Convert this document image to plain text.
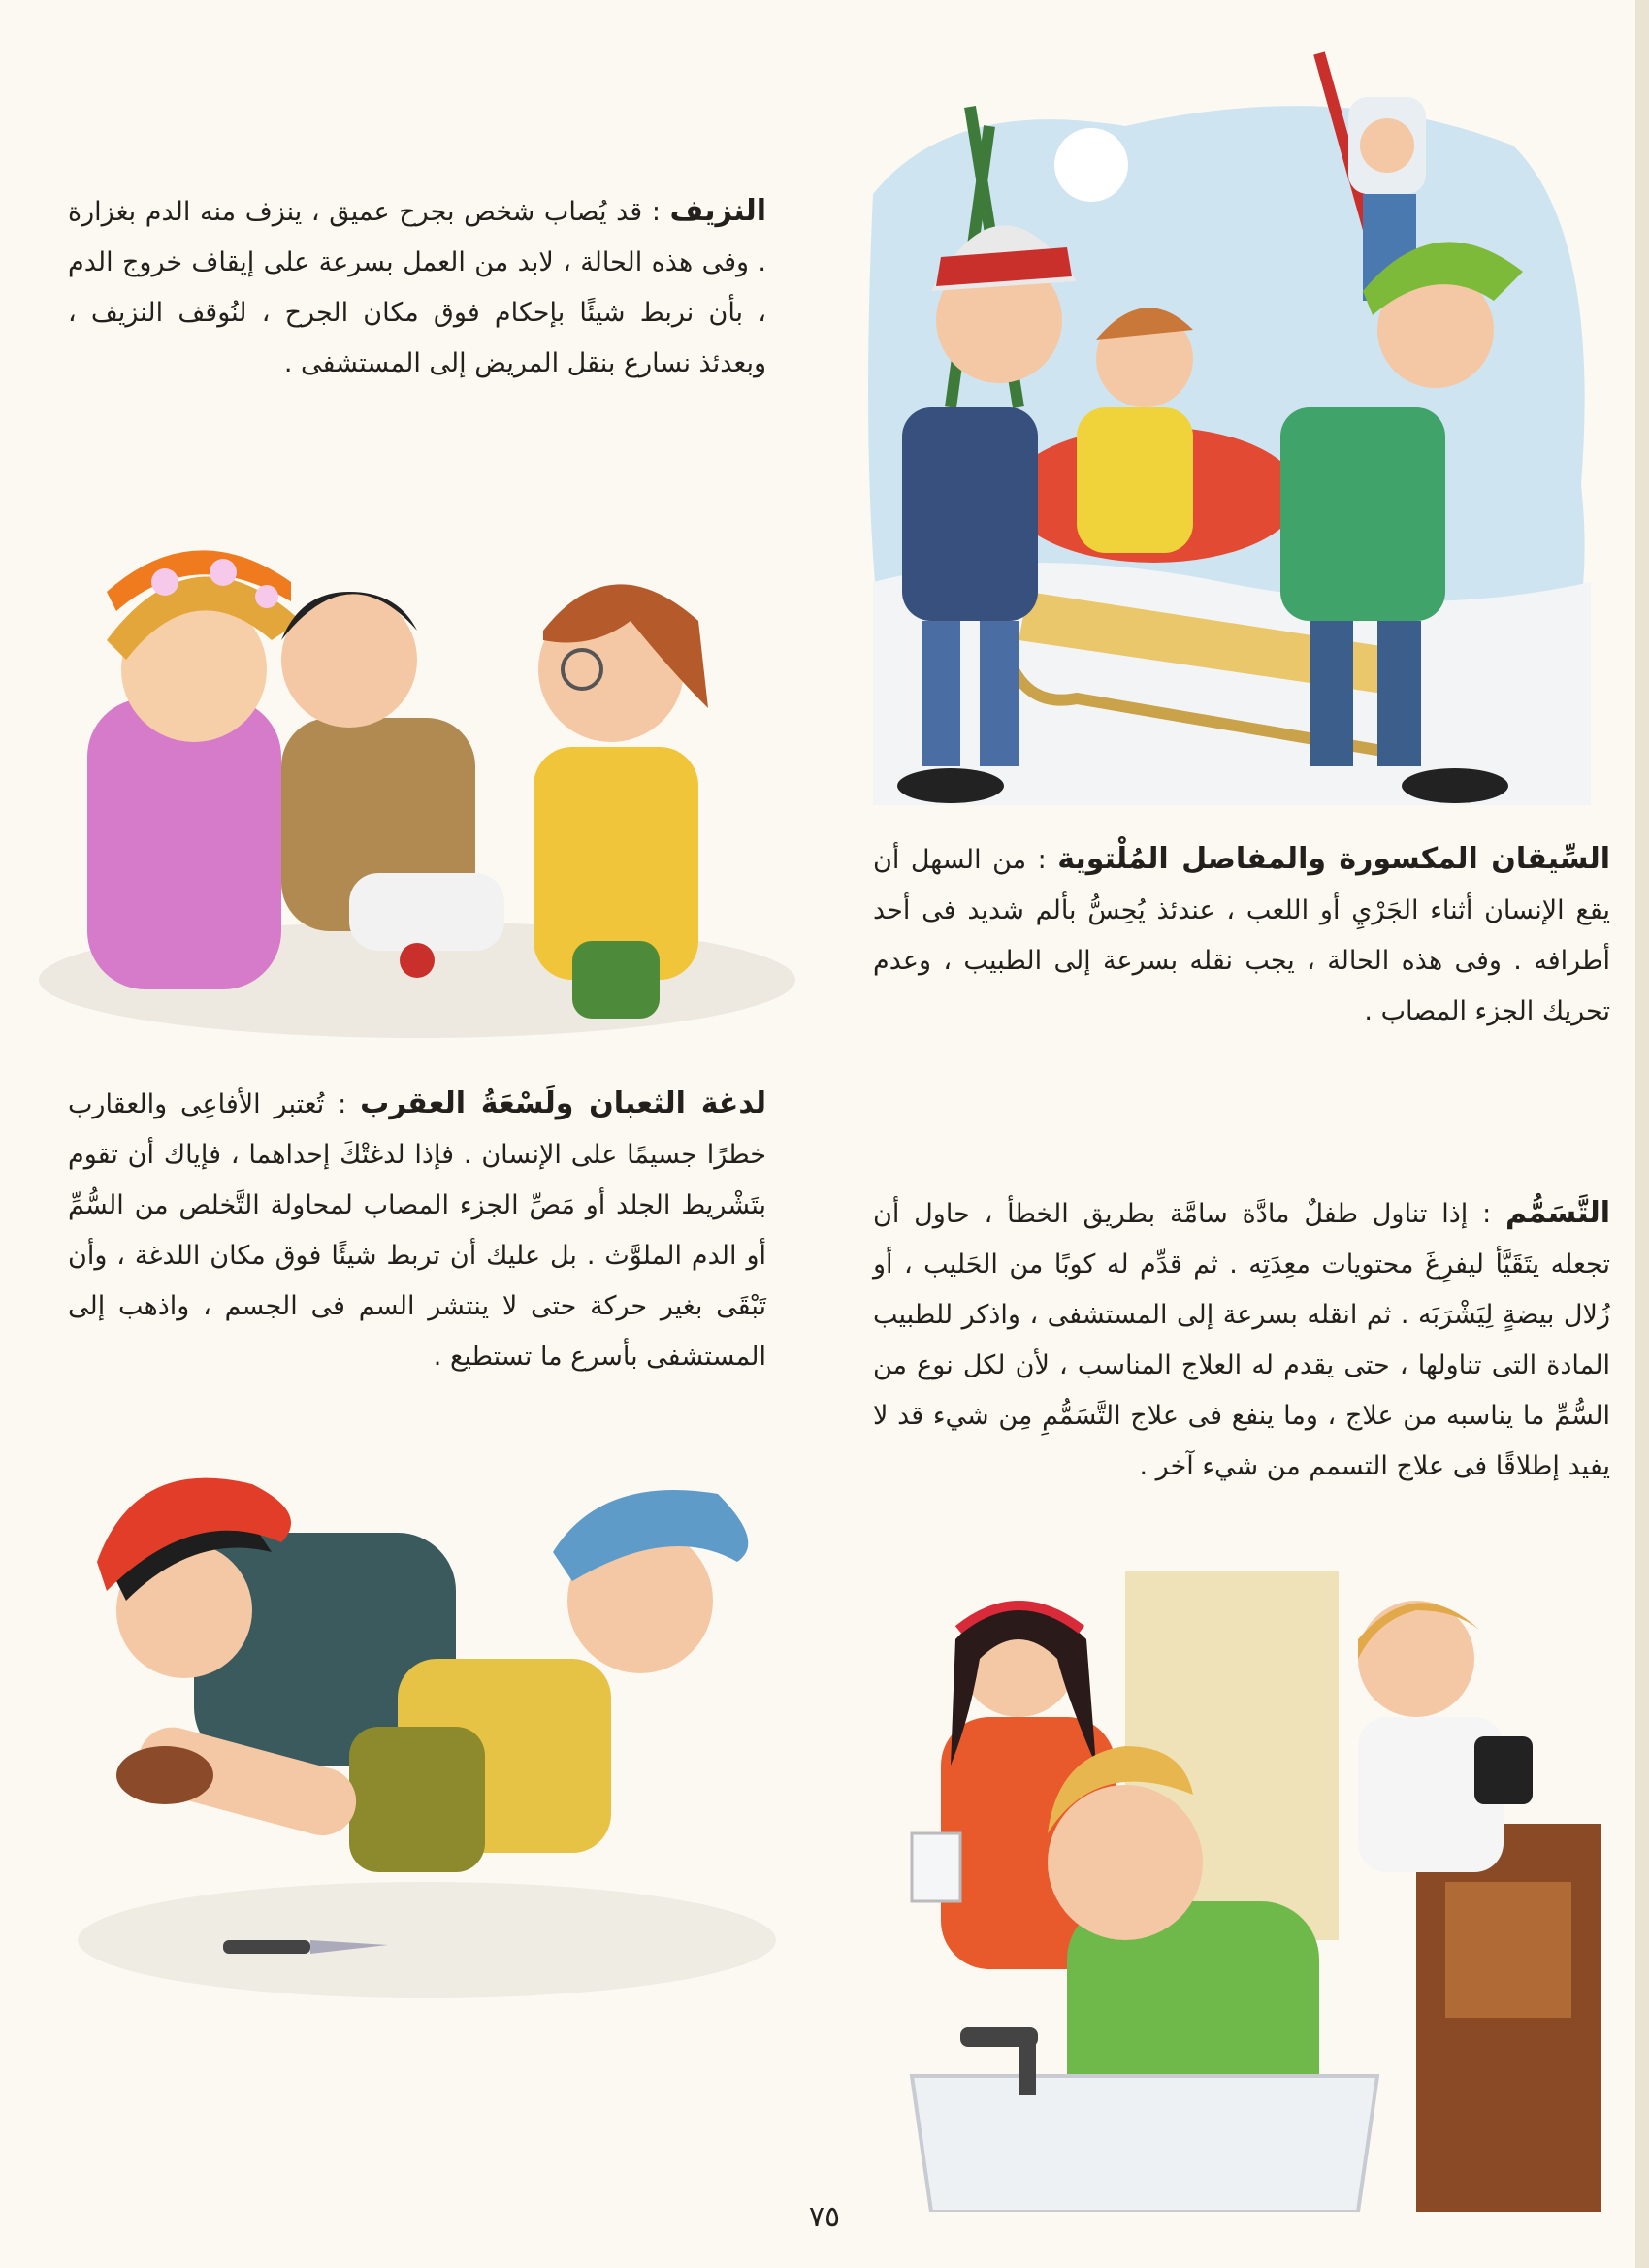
النزيف : قد يُصاب شخص بجرح عميق ، ينزف منه الدم بغزارة . وفى هذه الحالة ، لابد من العمل بسرعة على إيقاف خروج الدم ، بأن نربط شيئًا بإحكام فوق مكان الجرح ، لنُوقف النزيف ، وبعدئذ نسارع بنقل المريض إلى المستشفى .
السِّيقان المكسورة والمفاصل المُلْتوية : من السهل أن يقع الإنسان أثناء الجَرْيِ أو اللعب ، عندئذ يُحِسُّ بألم شديد فى أحد أطرافه . وفى هذه الحالة ، يجب نقله بسرعة إلى الطبيب ، وعدم تحريك الجزء المصاب .
لدغة الثعبان ولَسْعَةُ العقرب : تُعتبر الأفاعِى والعقارب خطرًا جسيمًا على الإنسان . فإذا لدغتْكَ إحداهما ، فإياك أن تقوم بتَشْريط الجلد أو مَصِّ الجزء المصاب لمحاولة التَّخلص من السُّمِّ أو الدم الملوَّث . بل عليك أن تربط شيئًا فوق مكان اللدغة ، وأن تَبْقَى بغير حركة حتى لا ينتشر السم فى الجسم ، واذهب إلى المستشفى بأسرع ما تستطيع .
التَّسَمُّم : إذا تناول طفلٌ مادَّة سامَّة بطريق الخطأ ، حاول أن تجعله يتَقَيَّأ ليفرِغَ محتويات معِدَتِه . ثم قدِّم له كوبًا من الحَليب ، أو زُلال بيضةٍ لِيَشْرَبَه . ثم انقله بسرعة إلى المستشفى ، واذكر للطبيب المادة التى تناولها ، حتى يقدم له العلاج المناسب ، لأن لكل نوع من السُّمِّ ما يناسبه من علاج ، وما ينفع فى علاج التَّسَمُّمِ مِن شيء قد لا يفيد إطلاقًا فى علاج التسمم من شيء آخر .
٧٥
